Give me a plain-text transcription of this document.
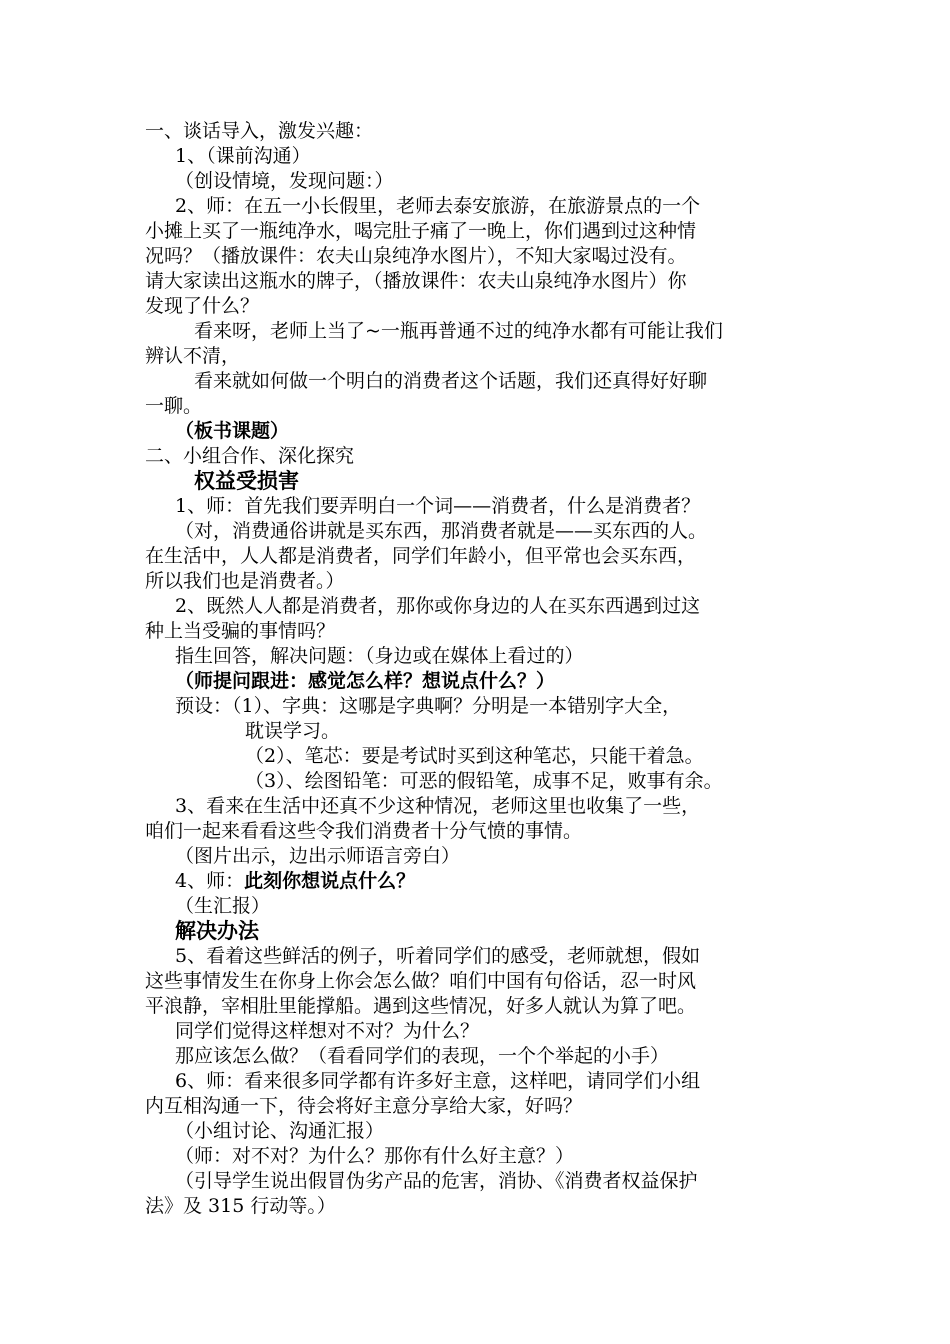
一、谈话导入，激发兴趣：

1、（课前沟通）

（创设情境，发现问题：）

2、师：在五一小长假里，老师去泰安旅游，在旅游景点的一个

小摊上买了一瓶纯净水，喝完肚子痛了一晚上，你们遇到过这种情

况吗？（播放课件：农夫山泉纯净水图片），不知大家喝过没有。

请大家读出这瓶水的牌子，（播放课件：农夫山泉纯净水图片）你

发现了什么？

看来呀，老师上当了~一瓶再普通不过的纯净水都有可能让我们

辨认不清，

看来就如何做一个明白的消费者这个话题，我们还真得好好聊

一聊。

（板书课题）

二、小组合作、深化探究

权益受损害

1、师：首先我们要弄明白一个词——消费者，什么是消费者？

（对，消费通俗讲就是买东西，那消费者就是——买东西的人。

在生活中，人人都是消费者，同学们年龄小，但平常也会买东西，

所以我们也是消费者。）

2、既然人人都是消费者，那你或你身边的人在买东西遇到过这

种上当受骗的事情吗？

指生回答，解决问题：（身边或在媒体上看过的）

（师提问跟进：感觉怎么样？想说点什么？）

预设：（1）、字典：这哪是字典啊？分明是一本错别字大全，

耽误学习。

（2）、笔芯：要是考试时买到这种笔芯，只能干着急。

（3）、绘图铅笔：可恶的假铅笔，成事不足，败事有余。

3、看来在生活中还真不少这种情况，老师这里也收集了一些，

咱们一起来看看这些令我们消费者十分气愤的事情。

（图片出示，边出示师语言旁白）

4、师：此刻你想说点什么？

（生汇报）

解决办法

5、看着这些鲜活的例子，听着同学们的感受，老师就想，假如

这些事情发生在你身上你会怎么做？咱们中国有句俗话，忍一时风

平浪静，宰相肚里能撑船。遇到这些情况，好多人就认为算了吧。

同学们觉得这样想对不对？为什么？

那应该怎么做？（看看同学们的表现，一个个举起的小手）

6、师：看来很多同学都有许多好主意，这样吧，请同学们小组

内互相沟通一下，待会将好主意分享给大家，好吗？

（小组讨论、沟通汇报）

（师：对不对？为什么？那你有什么好主意？）

（引导学生说出假冒伪劣产品的危害，消协、《消费者权益保护

法》及 315 行动等。）
